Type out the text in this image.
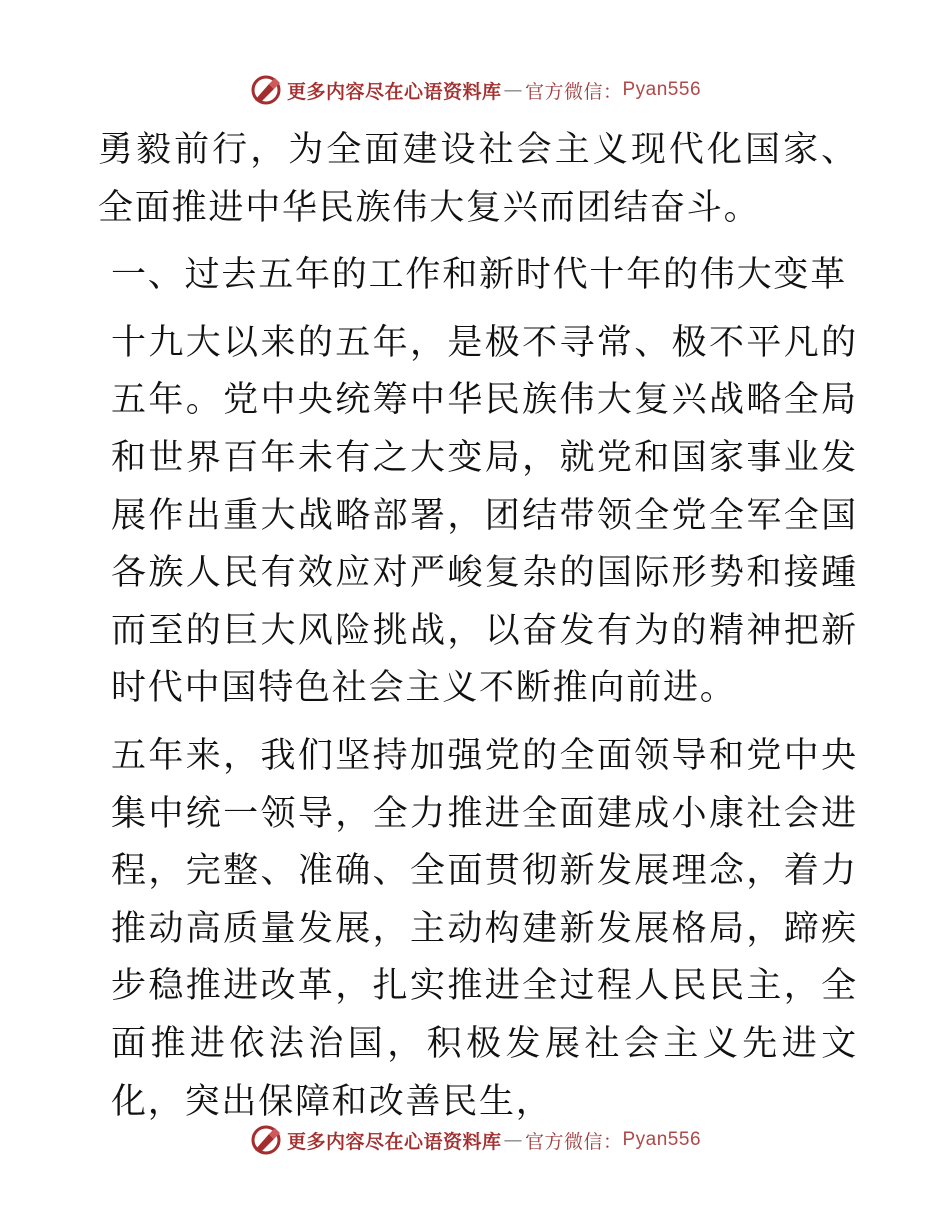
更多内容尽在心语资料库 — 官方微信： Pyan556

勇毅前行，为全面建设社会主义现代化国家、全面推进中华民族伟大复兴而团结奋斗。

一、过去五年的工作和新时代十年的伟大变革

十九大以来的五年，是极不寻常、极不平凡的五年。党中央统筹中华民族伟大复兴战略全局和世界百年未有之大变局，就党和国家事业发展作出重大战略部署，团结带领全党全军全国各族人民有效应对严峻复杂的国际形势和接踵而至的巨大风险挑战，以奋发有为的精神把新时代中国特色社会主义不断推向前进。

五年来，我们坚持加强党的全面领导和党中央集中统一领导，全力推进全面建成小康社会进程，完整、准确、全面贯彻新发展理念，着力推动高质量发展，主动构建新发展格局，蹄疾步稳推进改革，扎实推进全过程人民民主，全面推进依法治国，积极发展社会主义先进文化，突出保障和改善民生，

更多内容尽在心语资料库 — 官方微信： Pyan556
